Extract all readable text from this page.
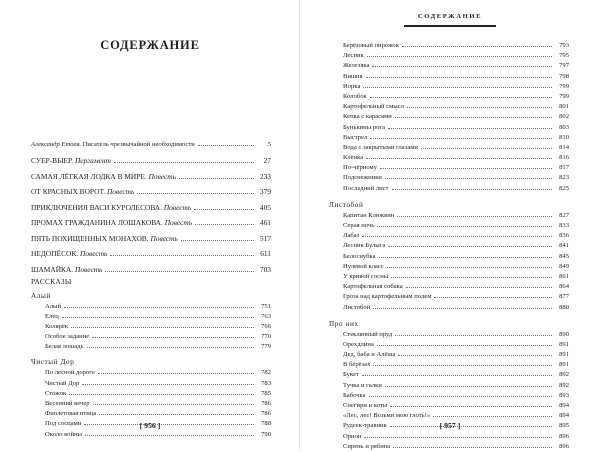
СОДЕРЖАНИЕ
Александр Етоев. Писатель чрезвычайной необходимости	5
СУЕР-ВЫЕР. Пергамент	27
САМАЯ ЛЁГКАЯ ЛОДКА В МИРЕ. Повесть	233
ОТ КРАСНЫХ ВОРОТ. Повесть	379
ПРИКЛЮЧЕНИЯ ВАСИ КУРОЛЕСОВА. Повесть	405
ПРОМАХ ГРАЖДАНИНА ЛОШАКОВА. Повесть	461
ПЯТЬ ПОХИЩЕННЫХ МОНАХОВ. Повесть	517
НЕДОПЁСОК. Повесть	611
ШАМАЙКА. Повесть	703
РАССКАЗЫ
Алый
Алый	751
Елец	763
Колярёк	766
Особое задание	770
Белая лошадь	779
Чистый Дор
По лесной дороге	782
Чистый Дор	783
Стожок	785
Весенний вечер	786
Фиолетовая птица	786
Под сосцами	788
Около войны	790
[ 956 ]
СОДЕРЖАНИЕ
Берёзовый пирожок	793
Лесник	795
Железяка	797
Вишня	798
Иорка	799
Колобок	799
Картофельный смысл	801
Кепка с карасями	802
Бунькины рога	803
Выстрел	810
Вода с закрытыми глазами	814
Клёнка	816
По-чёрному	817
Подснежники	823
Последний лист	825
Листобой
Капитан Клюквин	827
Серая ночь	833
Лабаз	836
Лесник Булыга	841
Белоснубка	845
Нулевой класс	849
У кривой сосны	861
Картофельная собака	864
Гроза над картофельным полем	877
Листобой	880
Про них
Стеклянный пруд	890
Орехдлина	891
Дед, баба и Алёша	891
В бёрёзах	891
Букет	892
Тучка и галки	892
Бабочка	893
Снегири и коты	894
«Лес, лес! Возьми мою глоть!»	894
Рудеек-травник	895
Орион	896
Сирень и рябина	896
[ 957 ]
